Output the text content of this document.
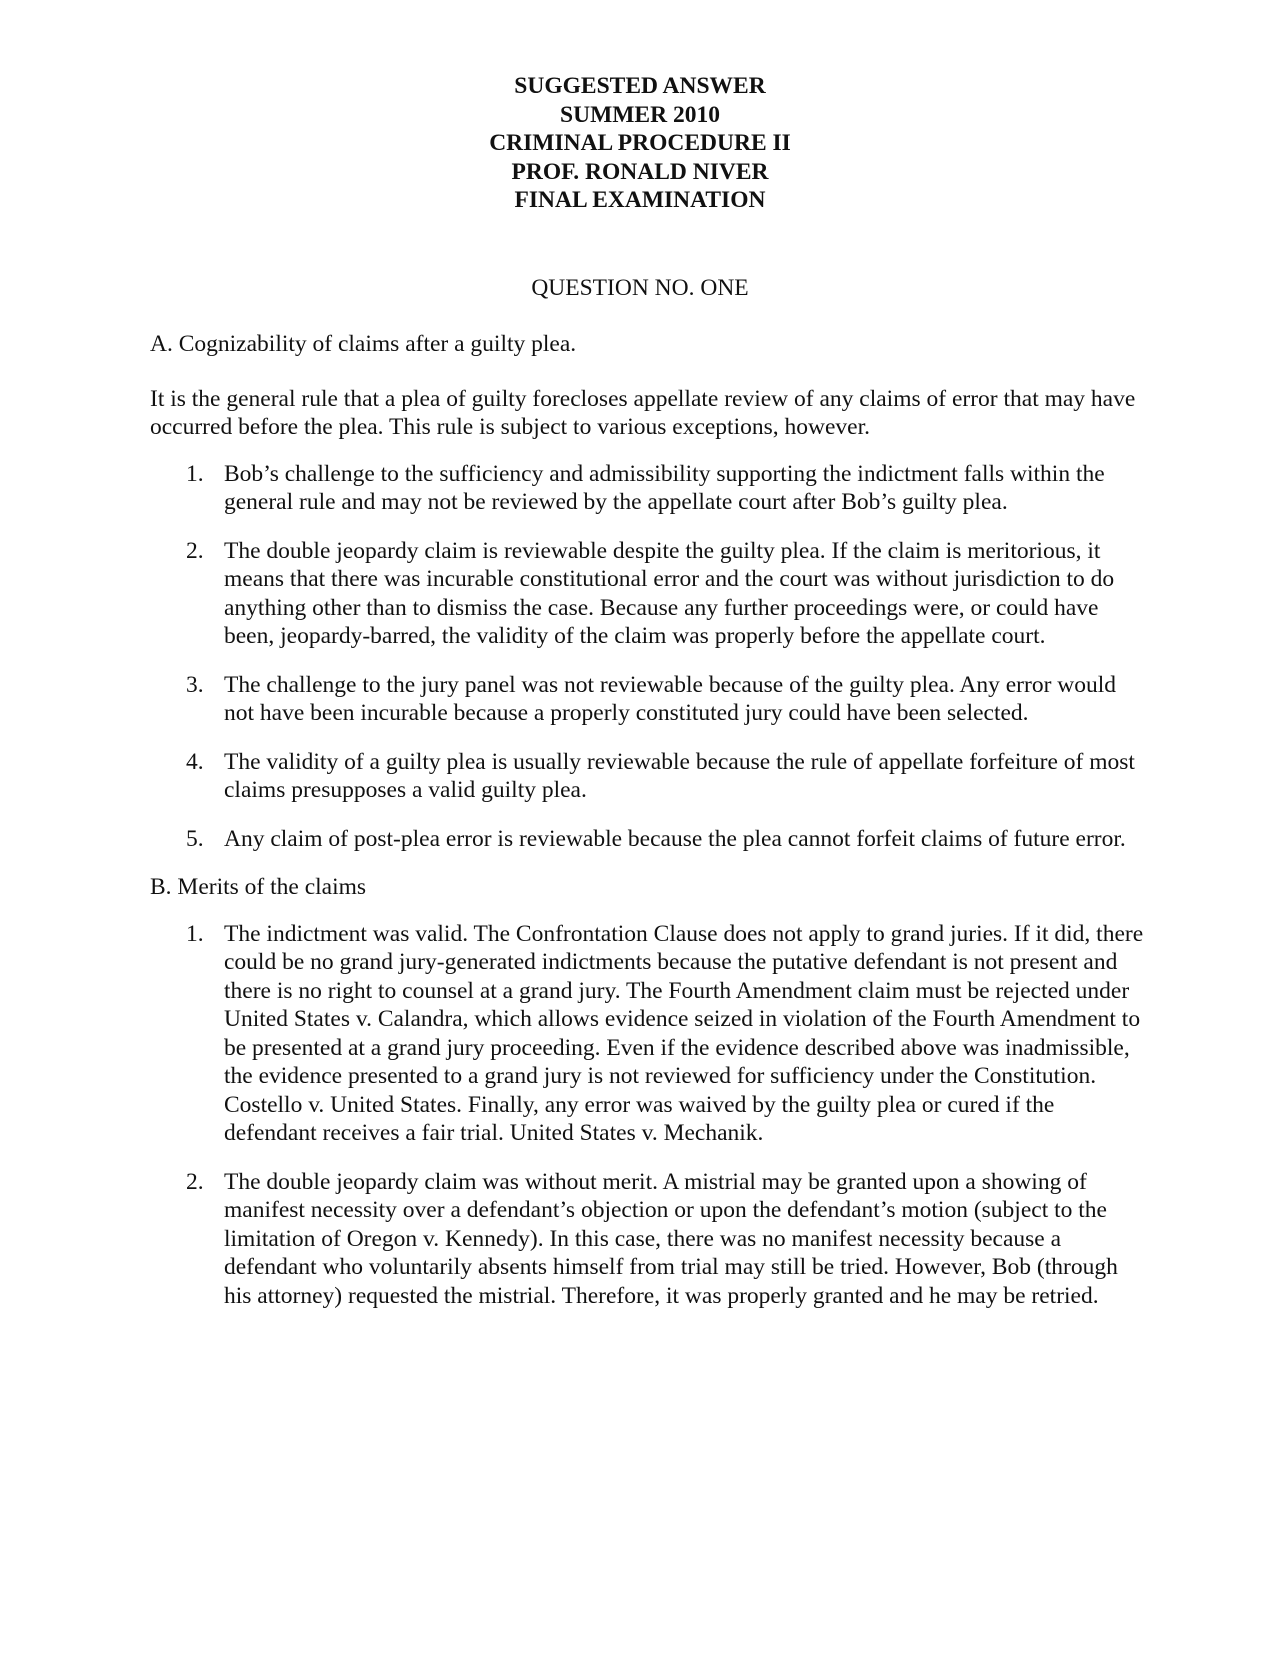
SUGGESTED ANSWER
SUMMER 2010
CRIMINAL PROCEDURE II
PROF. RONALD NIVER
FINAL EXAMINATION
QUESTION NO. ONE

A. Cognizability of claims after a guilty plea.

It is the general rule that a plea of guilty forecloses appellate review of any claims of error that may have occurred before the plea. This rule is subject to various exceptions, however.

1. Bob’s challenge to the sufficiency and admissibility supporting the indictment falls within the general rule and may not be reviewed by the appellate court after Bob’s guilty plea.
2. The double jeopardy claim is reviewable despite the guilty plea. If the claim is meritorious, it means that there was incurable constitutional error and the court was without jurisdiction to do anything other than to dismiss the case. Because any further proceedings were, or could have been, jeopardy-barred, the validity of the claim was properly before the appellate court.
3. The challenge to the jury panel was not reviewable because of the guilty plea. Any error would not have been incurable because a properly constituted jury could have been selected.
4. The validity of a guilty plea is usually reviewable because the rule of appellate forfeiture of most claims presupposes a valid guilty plea.
5. Any claim of post-plea error is reviewable because the plea cannot forfeit claims of future error.

B. Merits of the claims

1. The indictment was valid. The Confrontation Clause does not apply to grand juries. If it did, there could be no grand jury-generated indictments because the putative defendant is not present and there is no right to counsel at a grand jury. The Fourth Amendment claim must be rejected under United States v. Calandra, which allows evidence seized in violation of the Fourth Amendment to be presented at a grand jury proceeding. Even if the evidence described above was inadmissible, the evidence presented to a grand jury is not reviewed for sufficiency under the Constitution. Costello v. United States. Finally, any error was waived by the guilty plea or cured if the defendant receives a fair trial. United States v. Mechanik.
2. The double jeopardy claim was without merit. A mistrial may be granted upon a showing of manifest necessity over a defendant’s objection or upon the defendant’s motion (subject to the limitation of Oregon v. Kennedy). In this case, there was no manifest necessity because a defendant who voluntarily absents himself from trial may still be tried. However, Bob (through his attorney) requested the mistrial. Therefore, it was properly granted and he may be retried.
